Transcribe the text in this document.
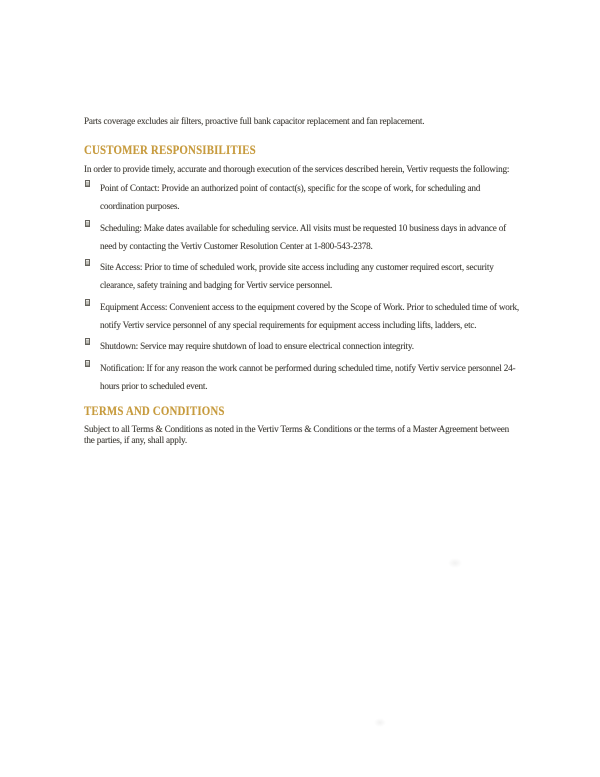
Parts coverage excludes air filters, proactive full bank capacitor replacement and fan replacement.

CUSTOMER RESPONSIBILITIES

In order to provide timely, accurate and thorough execution of the services described herein, Vertiv requests the following:

Point of Contact: Provide an authorized point of contact(s), specific for the scope of work, for scheduling and coordination purposes.
Scheduling: Make dates available for scheduling service. All visits must be requested 10 business days in advance of need by contacting the Vertiv Customer Resolution Center at 1-800-543-2378.
Site Access: Prior to time of scheduled work, provide site access including any customer required escort, security clearance, safety training and badging for Vertiv service personnel.
Equipment Access: Convenient access to the equipment covered by the Scope of Work. Prior to scheduled time of work, notify Vertiv service personnel of any special requirements for equipment access including lifts, ladders, etc.
Shutdown: Service may require shutdown of load to ensure electrical connection integrity.
Notification: If for any reason the work cannot be performed during scheduled time, notify Vertiv service personnel 24-hours prior to scheduled event.
TERMS AND CONDITIONS

Subject to all Terms & Conditions as noted in the Vertiv Terms & Conditions or the terms of a Master Agreement between the parties, if any, shall apply.
